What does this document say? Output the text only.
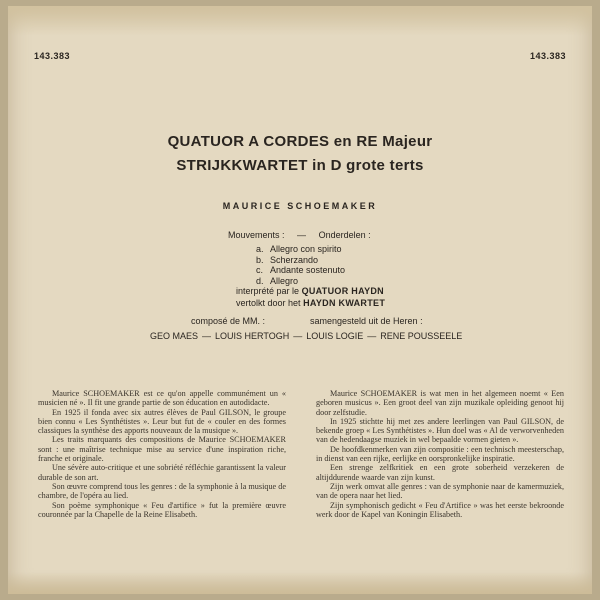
143.383	143.383
QUATUOR A CORDES en RE Majeur
STRIJKKWARTET in D grote terts
MAURICE SCHOEMAKER
Mouvements : — Onderdelen :
a. Allegro con spirito
b. Scherzando
c. Andante sostenuto
d. Allegro
interprété par le QUATUOR HAYDN
vertolkt door het HAYDN KWARTET
composé de MM. :	samengesteld uit de Heren :
GEO MAES — LOUIS HERTOGH — LOUIS LOGIE — RENE POUSSEELE

Maurice SCHOEMAKER est ce qu'on appelle communément un « musicien né ». Il fit une grande partie de son éducation en autodidacte.

En 1925 il fonda avec six autres élèves de Paul GILSON, le groupe bien connu « Les Synthétistes ». Leur but fut de « couler en des formes classiques la synthèse des apports nouveaux de la musique ».

Les traits marquants des compositions de Maurice SCHOEMAKER sont : une maîtrise technique mise au service d'une inspiration riche, franche et originale.

Une sévère auto-critique et une sobriété réfléchie garantissent la valeur durable de son art.

Son œuvre comprend tous les genres : de la symphonie à la musique de chambre, de l'opéra au lied.

Son poème symphonique « Feu d'artifice » fut la première œuvre couronnée par la Chapelle de la Reine Elisabeth.

Maurice SCHOEMAKER is wat men in het algemeen noemt « Een geboren musicus ». Een groot deel van zijn muzikale opleiding genoot hij door zelfstudie.

In 1925 stichtte hij met zes andere leerlingen van Paul GILSON, de bekende groep « Les Synthétistes ». Hun doel was « Al de verworvenheden van de hedendaagse muziek in wel bepaalde vormen gieten ».

De hoofdkenmerken van zijn compositie : een technisch meesterschap, in dienst van een rijke, eerlijke en oorspronkelijke inspiratie.

Een strenge zelfkritiek en een grote soberheid verzekeren de altijddurende waarde van zijn kunst.

Zijn werk omvat alle genres : van de symphonie naar de kamermuziek, van de opera naar het lied.

Zijn symphonisch gedicht « Feu d'Artifice » was het eerste bekroonde werk door de Kapel van Koningin Elisabeth.
